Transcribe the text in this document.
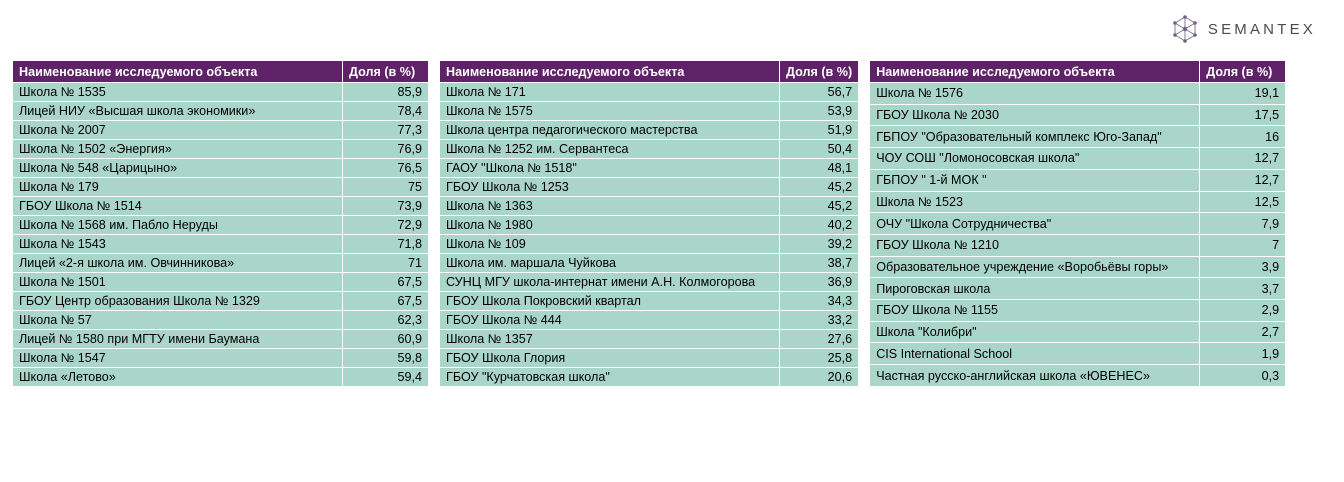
SEMANTEX
Наименование исследуемого объекта	Доля (в %)
Школа № 1535	85,9
Лицей НИУ «Высшая школа экономики»	78,4
Школа № 2007	77,3
Школа № 1502 «Энергия»	76,9
Школа № 548 «Царицыно»	76,5
Школа № 179	75
ГБОУ Школа № 1514	73,9
Школа № 1568 им. Пабло Неруды	72,9
Школа № 1543	71,8
Лицей «2-я школа им. Овчинникова»	71
Школа № 1501	67,5
ГБОУ Центр образования Школа № 1329	67,5
Школа № 57	62,3
Лицей № 1580 при МГТУ имени Баумана	60,9
Школа № 1547	59,8
Школа «Летово»	59,4
Наименование исследуемого объекта	Доля (в %)
Школа № 171	56,7
Школа № 1575	53,9
Школа центра педагогического мастерства	51,9
Школа № 1252 им. Сервантеса	50,4
ГАОУ "Школа № 1518"	48,1
ГБОУ Школа № 1253	45,2
Школа № 1363	45,2
Школа № 1980	40,2
Школа № 109	39,2
Школа им. маршала Чуйкова	38,7
СУНЦ МГУ школа-интернат имени А.Н. Колмогорова	36,9
ГБОУ Школа Покровский квартал	34,3
ГБОУ Школа № 444	33,2
Школа № 1357	27,6
ГБОУ Школа Глория	25,8
ГБОУ "Курчатовская школа"	20,6
Наименование исследуемого объекта	Доля (в %)
Школа № 1576	19,1
ГБОУ Школа № 2030	17,5
ГБПОУ "Образовательный комплекс Юго-Запад"	16
ЧОУ СОШ "Ломоносовская школа"	12,7
ГБПОУ " 1-й МОК "	12,7
Школа № 1523	12,5
ОЧУ "Школа Сотрудничества"	7,9
ГБОУ Школа № 1210	7
Образовательное учреждение «Воробьёвы горы»	3,9
Пироговская школа	3,7
ГБОУ Школа № 1155	2,9
Школа "Колибри"	2,7
CIS International School	1,9
Частная русско-английская школа «ЮВЕНЕС»	0,3
